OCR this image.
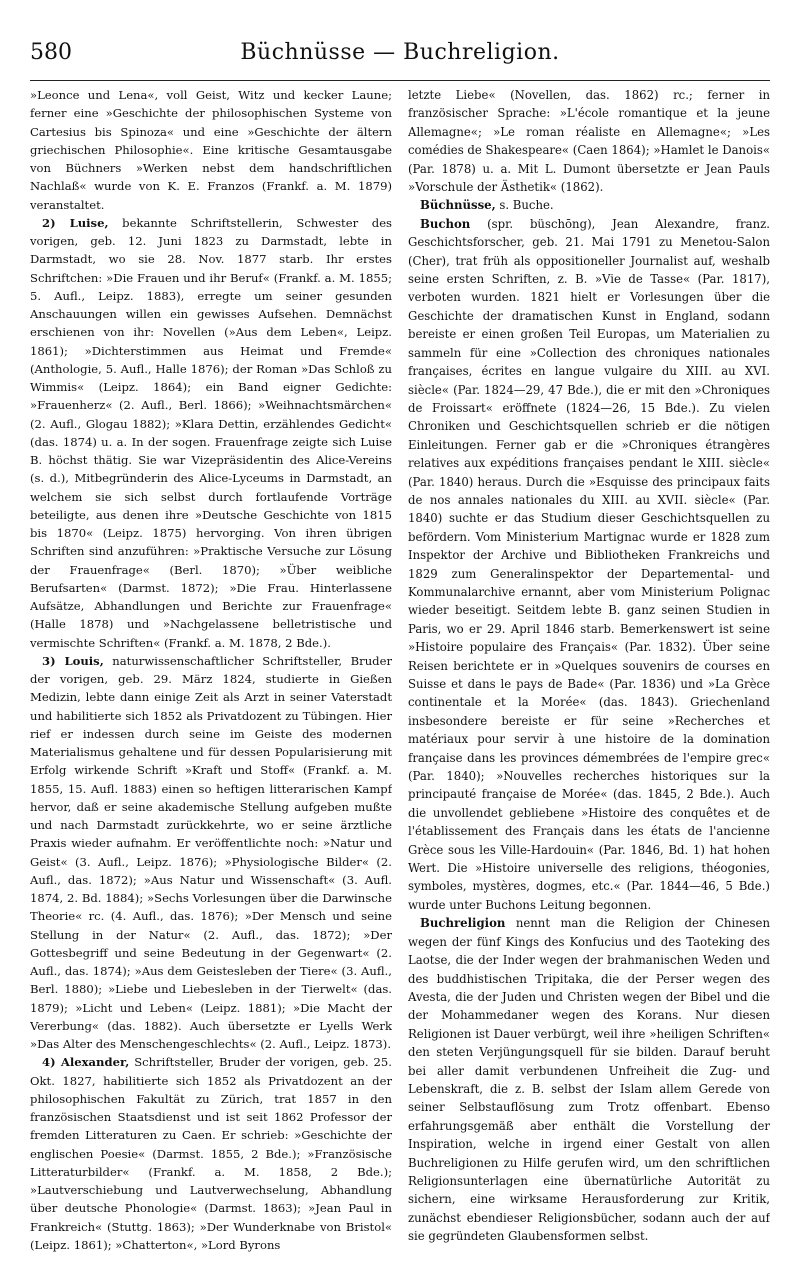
580	Büchnüsse — Buchreligion.

»Leonce und Lena«, voll Geist, Witz und kecker Laune; ferner eine »Geschichte der philosophischen Systeme von Cartesius bis Spinoza« und eine »Geschichte der ältern griechischen Philosophie«. Eine kritische Gesamtausgabe von Büchners »Werken nebst dem handschriftlichen Nachlaß« wurde von K. E. Franzos (Frankf. a. M. 1879) veranstaltet.

2) Luise, bekannte Schriftstellerin, Schwester des vorigen, geb. 12. Juni 1823 zu Darmstadt, lebte in Darmstadt, wo sie 28. Nov. 1877 starb. Ihr erstes Schriftchen: »Die Frauen und ihr Beruf« (Frankf. a. M. 1855; 5. Aufl., Leipz. 1883), erregte um seiner gesunden Anschauungen willen ein gewisses Aufsehen. Demnächst erschienen von ihr: Novellen (»Aus dem Leben«, Leipz. 1861); »Dichterstimmen aus Heimat und Fremde« (Anthologie, 5. Aufl., Halle 1876); der Roman »Das Schloß zu Wimmis« (Leipz. 1864); ein Band eigner Gedichte: »Frauenherz« (2. Aufl., Berl. 1866); »Weihnachtsmärchen« (2. Aufl., Glogau 1882); »Klara Dettin, erzählendes Gedicht« (das. 1874) u. a. In der sogen. Frauenfrage zeigte sich Luise B. höchst thätig. Sie war Vizepräsidentin des Alice-Vereins (s. d.), Mitbegründerin des Alice-Lyceums in Darmstadt, an welchem sie sich selbst durch fortlaufende Vorträge beteiligte, aus denen ihre »Deutsche Geschichte von 1815 bis 1870« (Leipz. 1875) hervorging. Von ihren übrigen Schriften sind anzuführen: »Praktische Versuche zur Lösung der Frauenfrage« (Berl. 1870); »Über weibliche Berufsarten« (Darmst. 1872); »Die Frau. Hinterlassene Aufsätze, Abhandlungen und Berichte zur Frauenfrage« (Halle 1878) und »Nachgelassene belletristische und vermischte Schriften« (Frankf. a. M. 1878, 2 Bde.).

3) Louis, naturwissenschaftlicher Schriftsteller, Bruder der vorigen, geb. 29. März 1824, studierte in Gießen Medizin, lebte dann einige Zeit als Arzt in seiner Vaterstadt und habilitierte sich 1852 als Privatdozent zu Tübingen. Hier rief er indessen durch seine im Geiste des modernen Materialismus gehaltene und für dessen Popularisierung mit Erfolg wirkende Schrift »Kraft und Stoff« (Frankf. a. M. 1855, 15. Aufl. 1883) einen so heftigen litterarischen Kampf hervor, daß er seine akademische Stellung aufgeben mußte und nach Darmstadt zurückkehrte, wo er seine ärztliche Praxis wieder aufnahm. Er veröffentlichte noch: »Natur und Geist« (3. Aufl., Leipz. 1876); »Physiologische Bilder« (2. Aufl., das. 1872); »Aus Natur und Wissenschaft« (3. Aufl. 1874, 2. Bd. 1884); »Sechs Vorlesungen über die Darwinsche Theorie« rc. (4. Aufl., das. 1876); »Der Mensch und seine Stellung in der Natur« (2. Aufl., das. 1872); »Der Gottesbegriff und seine Bedeutung in der Gegenwart« (2. Aufl., das. 1874); »Aus dem Geistesleben der Tiere« (3. Aufl., Berl. 1880); »Liebe und Liebesleben in der Tierwelt« (das. 1879); »Licht und Leben« (Leipz. 1881); »Die Macht der Vererbung« (das. 1882). Auch übersetzte er Lyells Werk »Das Alter des Menschengeschlechts« (2. Aufl., Leipz. 1873).

4) Alexander, Schriftsteller, Bruder der vorigen, geb. 25. Okt. 1827, habilitierte sich 1852 als Privatdozent an der philosophischen Fakultät zu Zürich, trat 1857 in den französischen Staatsdienst und ist seit 1862 Professor der fremden Litteraturen zu Caen. Er schrieb: »Geschichte der englischen Poesie« (Darmst. 1855, 2 Bde.); »Französische Litteraturbilder« (Frankf. a. M. 1858, 2 Bde.); »Lautverschiebung und Lautverwechselung, Abhandlung über deutsche Phonologie« (Darmst. 1863); »Jean Paul in Frankreich« (Stuttg. 1863); »Der Wunderknabe von Bristol« (Leipz. 1861); »Chatterton«, »Lord Byrons

letzte Liebe« (Novellen, das. 1862) rc.; ferner in französischer Sprache: »L'école romantique et la jeune Allemagne«; »Le roman réaliste en Allemagne«; »Les comédies de Shakespeare« (Caen 1864); »Hamlet le Danois« (Par. 1878) u. a. Mit L. Dumont übersetzte er Jean Pauls »Vorschule der Ästhetik« (1862).

Büchnüsse, s. Buche.

Buchon (spr. büschōng), Jean Alexandre, franz. Geschichtsforscher, geb. 21. Mai 1791 zu Menetou-Salon (Cher), trat früh als oppositioneller Journalist auf, weshalb seine ersten Schriften, z. B. »Vie de Tasse« (Par. 1817), verboten wurden. 1821 hielt er Vorlesungen über die Geschichte der dramatischen Kunst in England, sodann bereiste er einen großen Teil Europas, um Materialien zu sammeln für eine »Collection des chroniques nationales françaises, écrites en langue vulgaire du XIII. au XVI. siècle« (Par. 1824—29, 47 Bde.), die er mit den »Chroniques de Froissart« eröffnete (1824—26, 15 Bde.). Zu vielen Chroniken und Geschichtsquellen schrieb er die nötigen Einleitungen. Ferner gab er die »Chroniques étrangères relatives aux expéditions françaises pendant le XIII. siècle« (Par. 1840) heraus. Durch die »Esquisse des principaux faits de nos annales nationales du XIII. au XVII. siècle« (Par. 1840) suchte er das Studium dieser Geschichtsquellen zu befördern. Vom Ministerium Martignac wurde er 1828 zum Inspektor der Archive und Bibliotheken Frankreichs und 1829 zum Generalinspektor der Departemental- und Kommunalarchive ernannt, aber vom Ministerium Polignac wieder beseitigt. Seitdem lebte B. ganz seinen Studien in Paris, wo er 29. April 1846 starb. Bemerkenswert ist seine »Histoire populaire des Français« (Par. 1832). Über seine Reisen berichtete er in »Quelques souvenirs de courses en Suisse et dans le pays de Bade« (Par. 1836) und »La Grèce continentale et la Morée« (das. 1843). Griechenland insbesondere bereiste er für seine »Recherches et matériaux pour servir à une histoire de la domination française dans les provinces démembrées de l'empire grec« (Par. 1840); »Nouvelles recherches historiques sur la principauté française de Morée« (das. 1845, 2 Bde.). Auch die unvollendet gebliebene »Histoire des conquêtes et de l'établissement des Français dans les états de l'ancienne Grèce sous les Ville-Hardouin« (Par. 1846, Bd. 1) hat hohen Wert. Die »Histoire universelle des religions, théogonies, symboles, mystères, dogmes, etc.« (Par. 1844—46, 5 Bde.) wurde unter Buchons Leitung begonnen.

Buchreligion nennt man die Religion der Chinesen wegen der fünf Kings des Konfucius und des Taoteking des Laotse, die der Inder wegen der brahmanischen Weden und des buddhistischen Tripitaka, die der Perser wegen des Avesta, die der Juden und Christen wegen der Bibel und die der Mohammedaner wegen des Korans. Nur diesen Religionen ist Dauer verbürgt, weil ihre »heiligen Schriften« den steten Verjüngungsquell für sie bilden. Darauf beruht bei aller damit verbundenen Unfreiheit die Zug- und Lebenskraft, die z. B. selbst der Islam allem Gerede von seiner Selbstauflösung zum Trotz offenbart. Ebenso erfahrungsgemäß aber enthält die Vorstellung der Inspiration, welche in irgend einer Gestalt von allen Buchreligionen zu Hilfe gerufen wird, um den schriftlichen Religionsunterlagen eine übernatürliche Autorität zu sichern, eine wirksame Herausforderung zur Kritik, zunächst ebendieser Religionsbücher, sodann auch der auf sie gegründeten Glaubensformen selbst.
